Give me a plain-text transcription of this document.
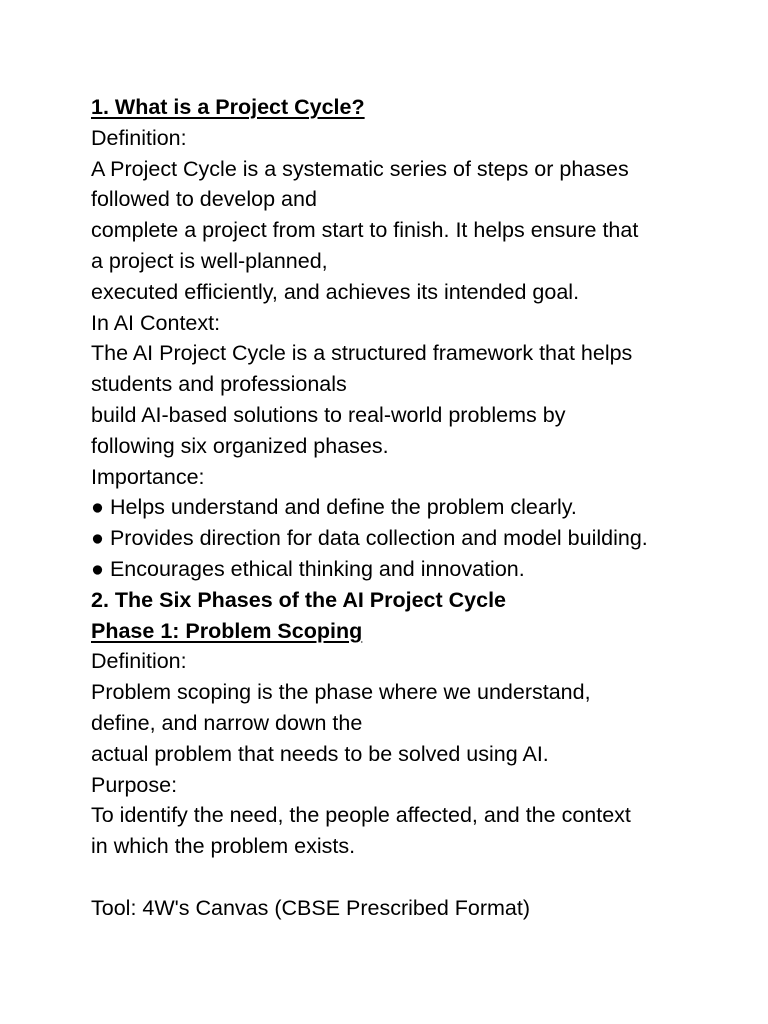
1. What is a Project Cycle?
Definition:
A Project Cycle is a systematic series of steps or phases
followed to develop and
complete a project from start to finish. It helps ensure that
a project is well-planned,
executed efficiently, and achieves its intended goal.
In AI Context:
The AI Project Cycle is a structured framework that helps
students and professionals
build AI-based solutions to real-world problems by
following six organized phases.
Importance:
● Helps understand and define the problem clearly.
● Provides direction for data collection and model building.
● Encourages ethical thinking and innovation.
2. The Six Phases of the AI Project Cycle
Phase 1: Problem Scoping
Definition:
Problem scoping is the phase where we understand,
define, and narrow down the
actual problem that needs to be solved using AI.
Purpose:
To identify the need, the people affected, and the context
in which the problem exists.
Tool: 4W's Canvas (CBSE Prescribed Format)
